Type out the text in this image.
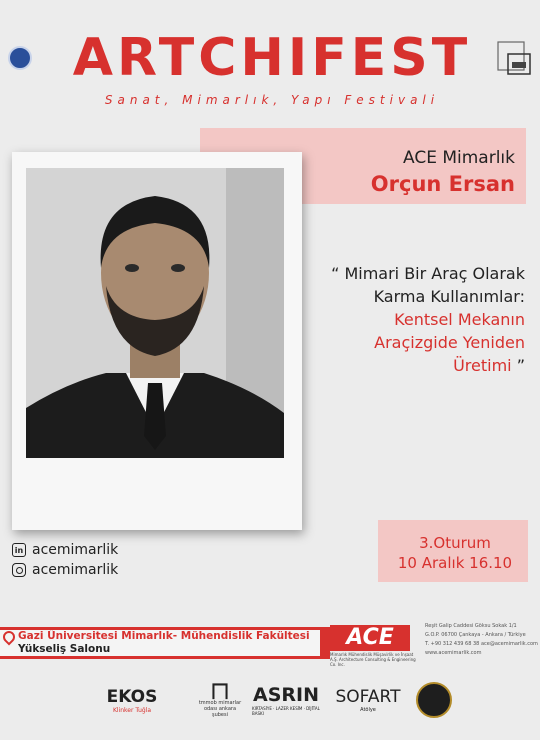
ARTCHIFEST
Sanat, Mimarlık, Yapı Festivali
ACE Mimarlık
Orçun Ersan
“ Mimari Bir Araç Olarak
Karma Kullanımlar:
Kentsel Mekanın
Araçizgide Yeniden
Üretimi ”
in acemimarlik
acemimarlik
3.Oturum
10 Aralık 16.10
Gazi Üniversitesi Mimarlık- Mühendislik Fakültesi
Yükseliş Salonu	ACE
Mimarlık Mühendislik Müşavirlik ve İnşaat A.Ş. Architecture Consulting & Engineering Co. Inc.
Reşit Galip Caddesi Göksu Sokak 1/1
G.O.P. 06700 Çankaya - Ankara / Türkiye
T. +90 312 439 68 38 ace@acemimarlik.com
www.acemimarlik.com
EKOS
Klinker Tuğla
tmmob mimarlar odası ankara şubesi
ASRIN
KIRTASİYE · LAZER KESİM · DİJİTAL BASKI
SOFART
Atölye
